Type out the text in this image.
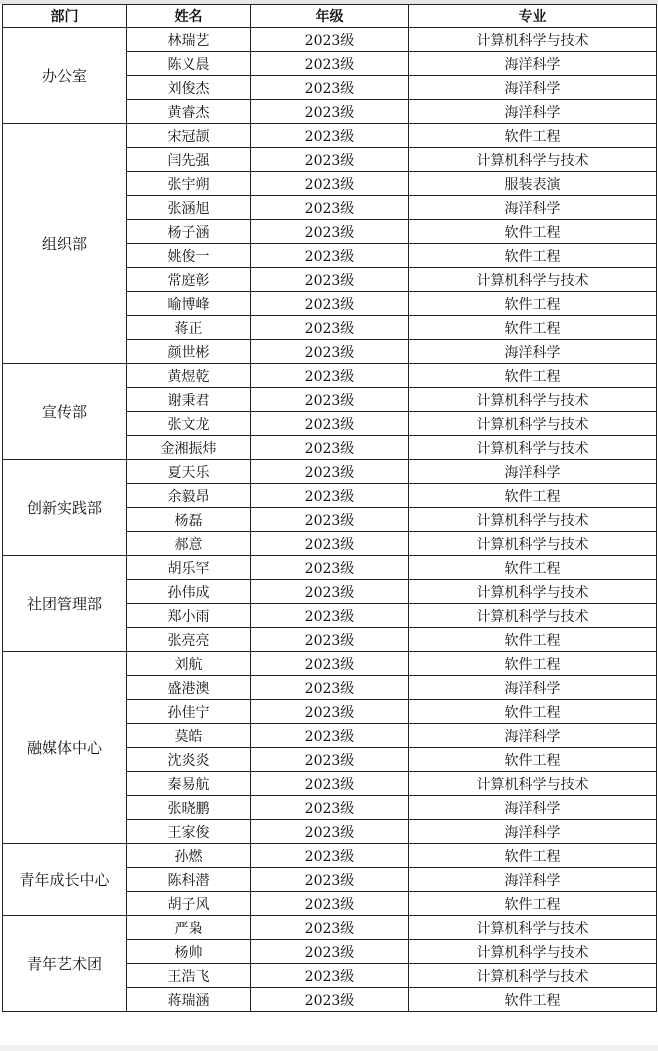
部门	姓名	年级	专业
办公室	林瑞艺	2023级	计算机科学与技术
	陈义晨	2023级	海洋科学
	刘俊杰	2023级	海洋科学
	黄睿杰	2023级	海洋科学
组织部	宋冠颉	2023级	软件工程
	闫先强	2023级	计算机科学与技术
	张宇朔	2023级	服装表演
	张涵旭	2023级	海洋科学
	杨子涵	2023级	软件工程
	姚俊一	2023级	软件工程
	常庭彰	2023级	计算机科学与技术
	喻博峰	2023级	软件工程
	蒋正	2023级	软件工程
	颜世彬	2023级	海洋科学
宣传部	黄煜乾	2023级	软件工程
	谢秉君	2023级	计算机科学与技术
	张文龙	2023级	计算机科学与技术
	金湘振炜	2023级	计算机科学与技术
创新实践部	夏天乐	2023级	海洋科学
	余毅昂	2023级	软件工程
	杨磊	2023级	计算机科学与技术
	郝意	2023级	计算机科学与技术
社团管理部	胡乐罕	2023级	软件工程
	孙伟成	2023级	计算机科学与技术
	郑小雨	2023级	计算机科学与技术
	张亮亮	2023级	软件工程
融媒体中心	刘航	2023级	软件工程
	盛港澳	2023级	海洋科学
	孙佳宁	2023级	软件工程
	莫皓	2023级	海洋科学
	沈炎炎	2023级	软件工程
	秦易航	2023级	计算机科学与技术
	张晓鹏	2023级	海洋科学
	王家俊	2023级	海洋科学
青年成长中心	孙燃	2023级	软件工程
	陈科潜	2023级	海洋科学
	胡子风	2023级	软件工程
青年艺术团	严枭	2023级	计算机科学与技术
	杨帅	2023级	计算机科学与技术
	王浩飞	2023级	计算机科学与技术
	蒋瑞涵	2023级	软件工程
